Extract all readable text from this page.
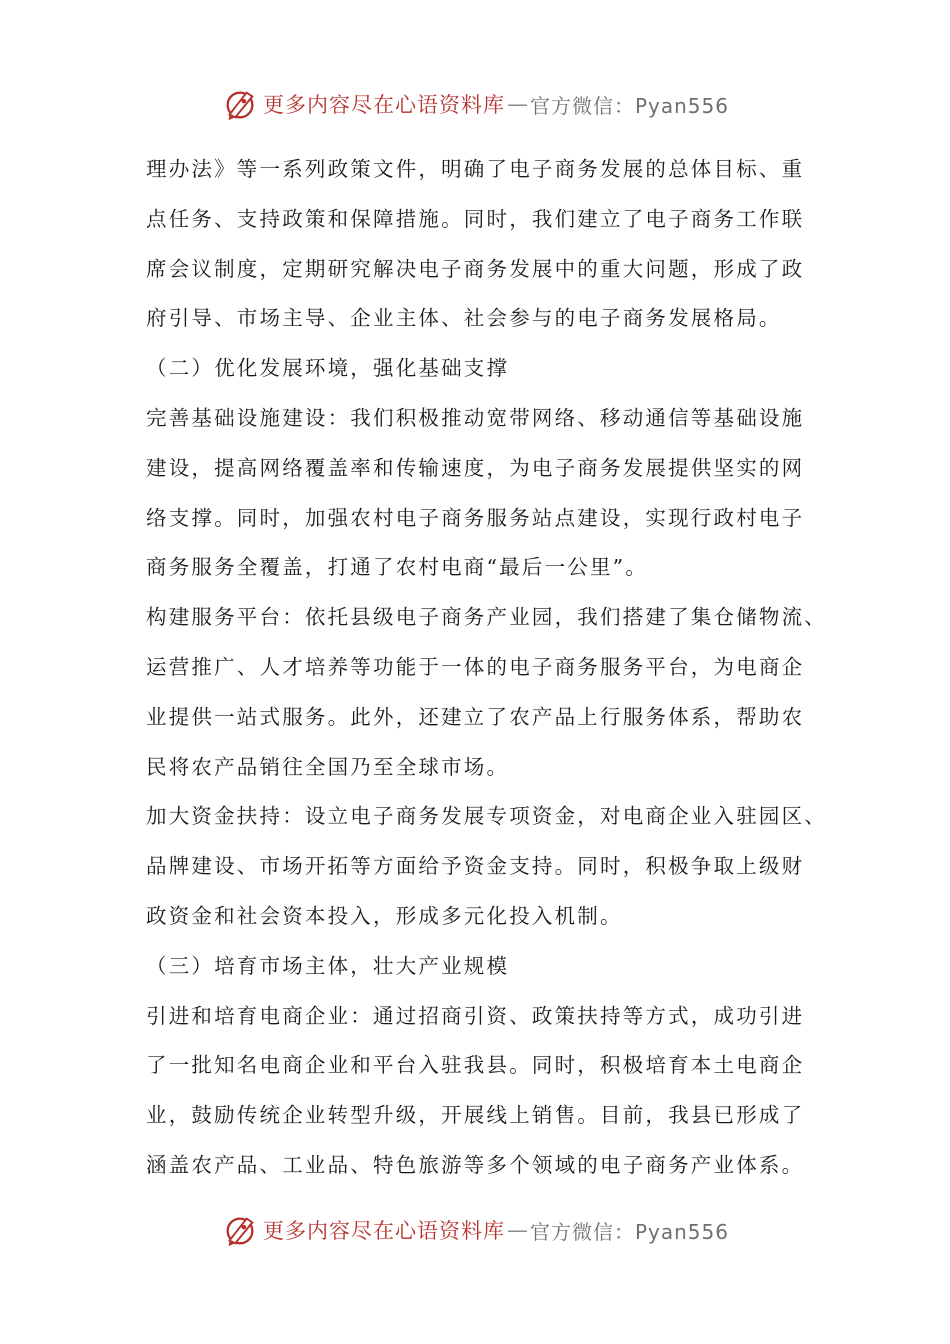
更多内容尽在心语资料库 — 官方微信：Pyan556
理办法》等一系列政策文件，明确了电子商务发展的总体目标、重
点任务、支持政策和保障措施。同时，我们建立了电子商务工作联
席会议制度，定期研究解决电子商务发展中的重大问题，形成了政
府引导、市场主导、企业主体、社会参与的电子商务发展格局。
（二）优化发展环境，强化基础支撑
完善基础设施建设：我们积极推动宽带网络、移动通信等基础设施
建设，提高网络覆盖率和传输速度，为电子商务发展提供坚实的网
络支撑。同时，加强农村电子商务服务站点建设，实现行政村电子
商务服务全覆盖，打通了农村电商“最后一公里”。
构建服务平台：依托县级电子商务产业园，我们搭建了集仓储物流、
运营推广、人才培养等功能于一体的电子商务服务平台，为电商企
业提供一站式服务。此外，还建立了农产品上行服务体系，帮助农
民将农产品销往全国乃至全球市场。
加大资金扶持：设立电子商务发展专项资金，对电商企业入驻园区、
品牌建设、市场开拓等方面给予资金支持。同时，积极争取上级财
政资金和社会资本投入，形成多元化投入机制。
（三）培育市场主体，壮大产业规模
引进和培育电商企业：通过招商引资、政策扶持等方式，成功引进
了一批知名电商企业和平台入驻我县。同时，积极培育本土电商企
业，鼓励传统企业转型升级，开展线上销售。目前，我县已形成了
涵盖农产品、工业品、特色旅游等多个领域的电子商务产业体系。
更多内容尽在心语资料库 — 官方微信：Pyan556
